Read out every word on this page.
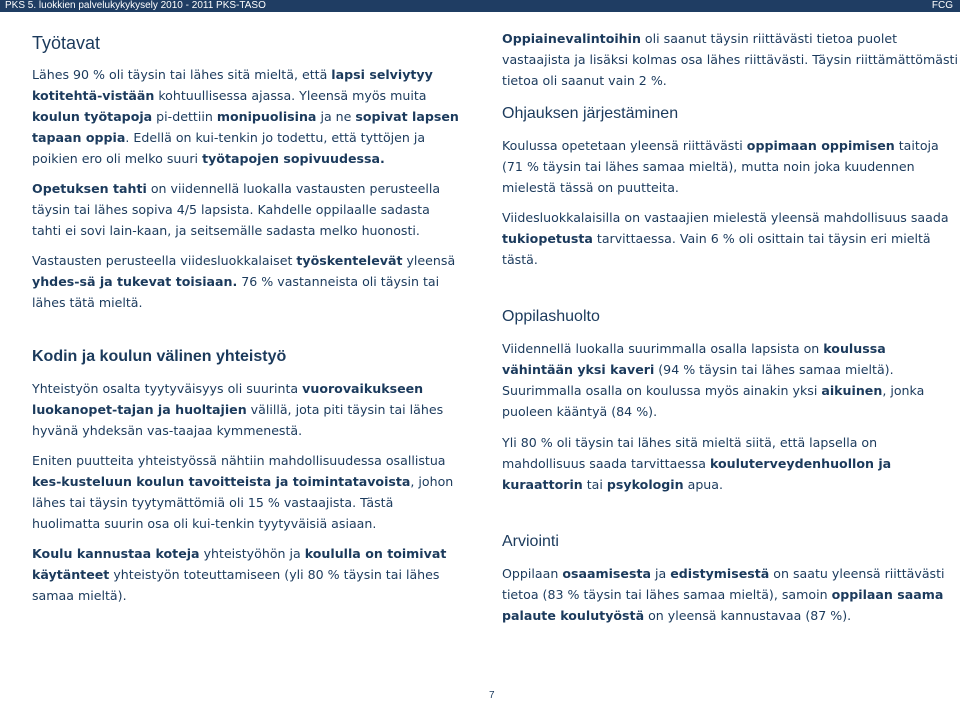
PKS 5. luokkien palvelukykykysely 2010 - 2011 PKS-TASO	FCG
Työtavat

Lähes 90 % oli täysin tai lähes sitä mieltä, että lapsi selviytyy kotitehtä-vistään kohtuullisessa ajassa. Yleensä myös muita koulun työtapoja pi-dettiin monipuolisina ja ne sopivat lapsen tapaan oppia. Edellä on kui-tenkin jo todettu, että tyttöjen ja poikien ero oli melko suuri työtapojen sopivuudessa.

Opetuksen tahti on viidennellä luokalla vastausten perusteella täysin tai lähes sopiva 4/5 lapsista. Kahdelle oppilaalle sadasta tahti ei sovi lain-kaan, ja seitsemälle sadasta melko huonosti.

Vastausten perusteella viidesluokkalaiset työskentelevät yleensä yhdes-sä ja tukevat toisiaan. 76 % vastanneista oli täysin tai lähes tätä mieltä.

Kodin ja koulun välinen yhteistyö

Yhteistyön osalta tyytyväisyys oli suurinta vuorovaikukseen luokanopet-tajan ja huoltajien välillä, jota piti täysin tai lähes hyvänä yhdeksän vas-taajaa kymmenestä.

Eniten puutteita yhteistyössä nähtiin mahdollisuudessa osallistua kes-kusteluun koulun tavoitteista ja toimintatavoista, johon lähes tai täysin tyytymättömiä oli 15 % vastaajista. Tästä huolimatta suurin osa oli kui-tenkin tyytyväisiä asiaan.

Koulu kannustaa koteja yhteistyöhön ja koululla on toimivat käytänteet yhteistyön toteuttamiseen (yli 80 % täysin tai lähes samaa mieltä).

Oppiainevalintoihin oli saanut täysin riittävästi tietoa puolet vastaajista ja lisäksi kolmas osa lähes riittävästi. Täysin riittämättömästi tietoa oli saanut vain 2 %.

Ohjauksen järjestäminen

Koulussa opetetaan yleensä riittävästi oppimaan oppimisen taitoja (71 % täysin tai lähes samaa mieltä), mutta noin joka kuudennen mielestä tässä on puutteita.

Viidesluokkalaisilla on vastaajien mielestä yleensä mahdollisuus saada tukiopetusta tarvittaessa. Vain 6 % oli osittain tai täysin eri mieltä tästä.

Oppilashuolto

Viidennellä luokalla suurimmalla osalla lapsista on koulussa vähintään yksi kaveri (94 % täysin tai lähes samaa mieltä). Suurimmalla osalla on koulussa myös ainakin yksi aikuinen, jonka puoleen kääntyä (84 %).

Yli 80 % oli täysin tai lähes sitä mieltä siitä, että lapsella on mahdollisuus saada tarvittaessa kouluterveydenhuollon ja kuraattorin tai psykologin apua.

Arviointi

Oppilaan osaamisesta ja edistymisestä on saatu yleensä riittävästi tietoa (83 % täysin tai lähes samaa mieltä), samoin oppilaan saama palaute koulutyöstä on yleensä kannustavaa (87 %).

7
